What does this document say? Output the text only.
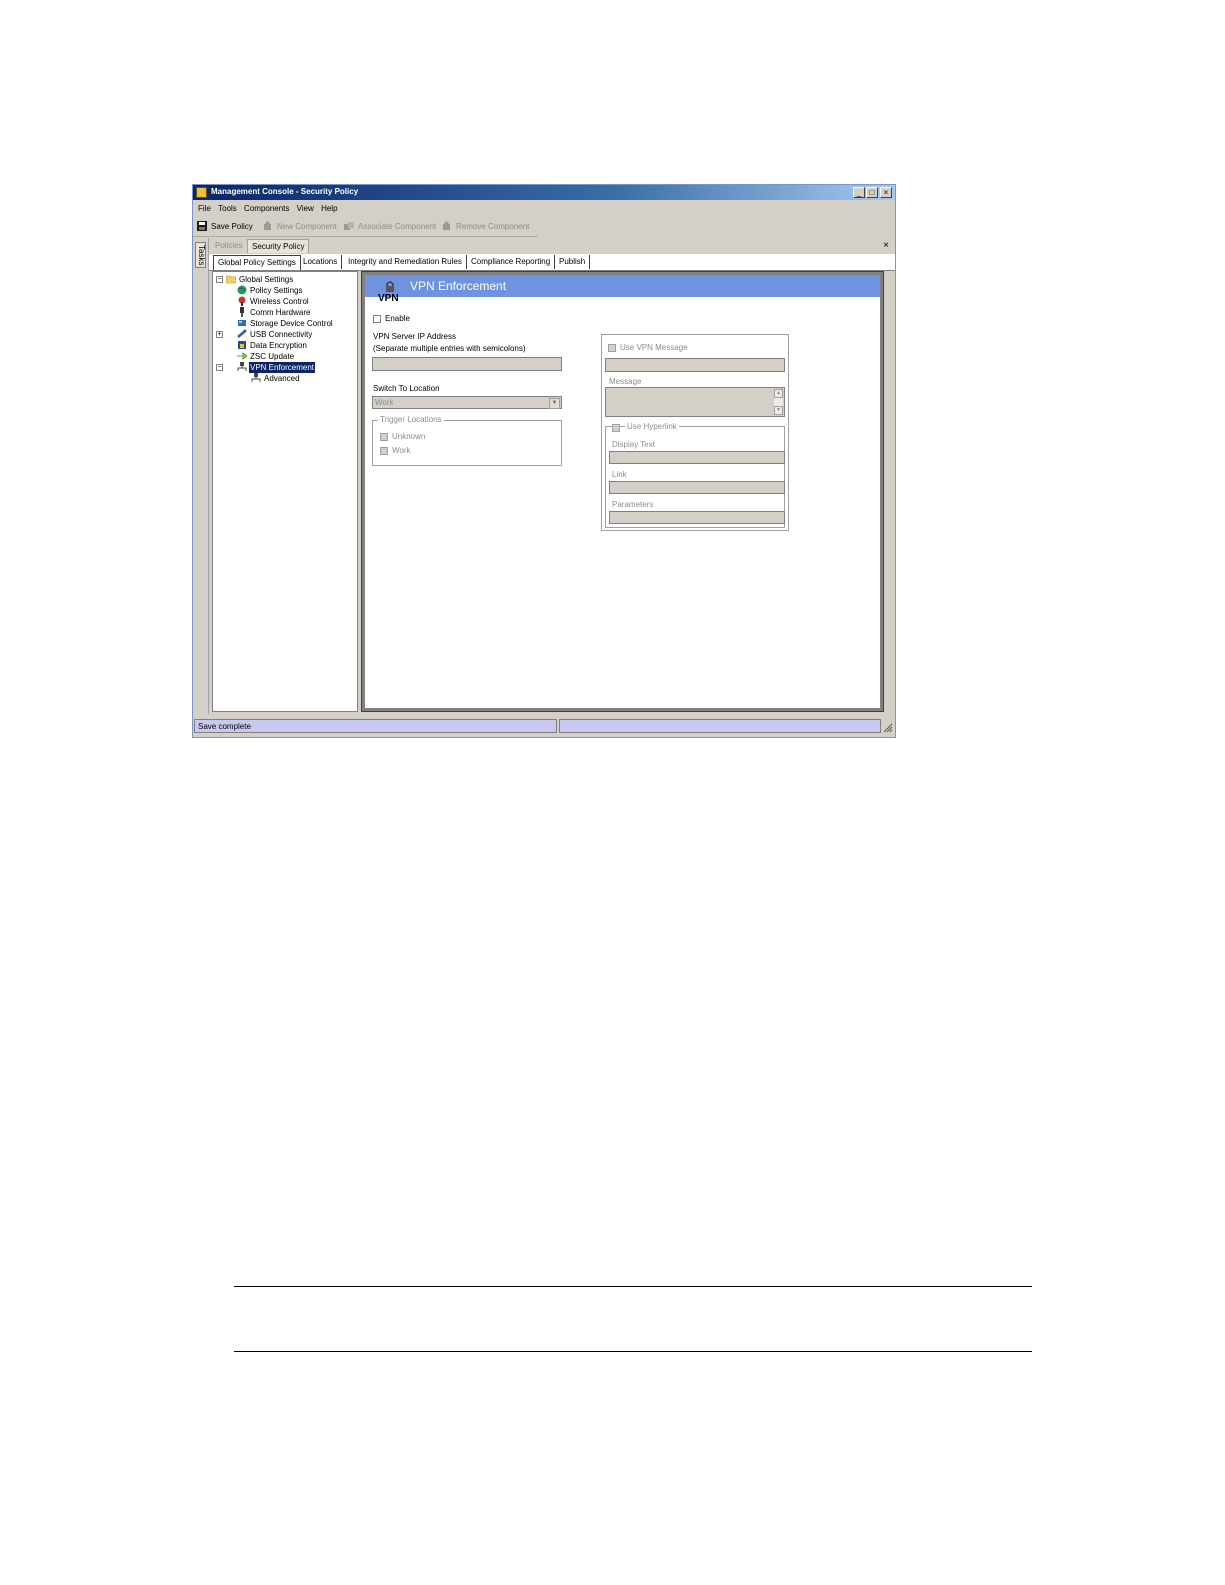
Management Console - Security Policy	_	□	×
File Tools Components View Help
Save Policy	New Component	Associate Component	Remove Component
Tasks	Policies	Security Policy	×
Global Policy Settings Locations	Integrity and Remediation Rules	Compliance Reporting	Publish
− Global Settings
Policy Settings
Wireless Control
Comm Hardware
Storage Device Control
+	USB Connectivity
Data Encryption
ZSC Update
−	VPN Enforcement
Advanced
VPN Enforcement
VPN
Enable
VPN Server IP Address
(Separate multiple entries with semicolons)
Switch To Location
Work	▼
Trigger Locations
Unknown
Work
Use VPN Message
Message
▲
▼
Use Hyperlink
Display Text
Link
Parameters
Save complete
